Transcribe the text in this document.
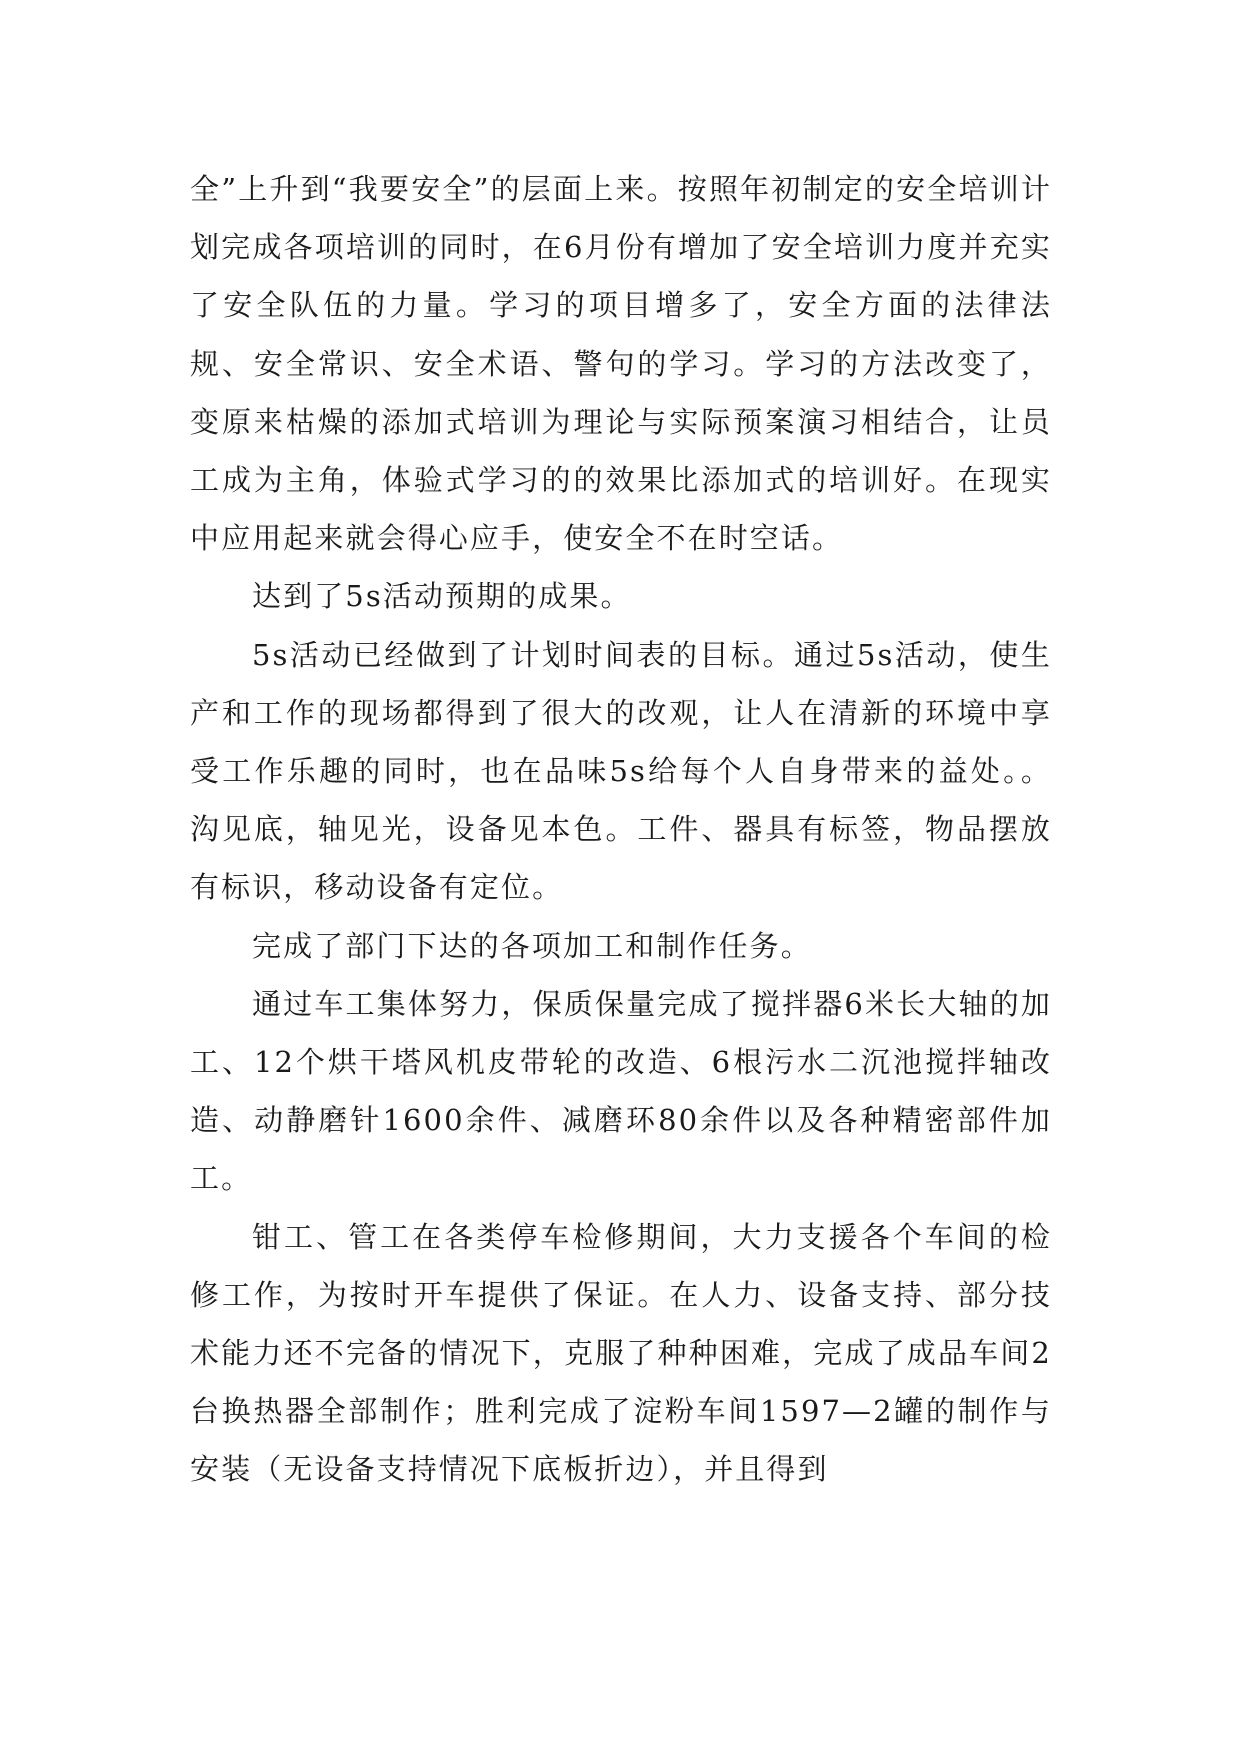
全”上升到“我要安全”的层面上来。按照年初制定的安全培训计划完成各项培训的同时，在6月份有增加了安全培训力度并充实了安全队伍的力量。学习的项目增多了，安全方面的法律法规、安全常识、安全术语、警句的学习。学习的方法改变了，变原来枯燥的添加式培训为理论与实际预案演习相结合，让员工成为主角，体验式学习的的效果比添加式的培训好。在现实中应用起来就会得心应手，使安全不在时空话。

达到了5s活动预期的成果。

5s活动已经做到了计划时间表的目标。通过5s活动，使生产和工作的现场都得到了很大的改观，让人在清新的环境中享受工作乐趣的同时，也在品味5s给每个人自身带来的益处。。沟见底，轴见光，设备见本色。工件、器具有标签，物品摆放有标识，移动设备有定位。

完成了部门下达的各项加工和制作任务。

通过车工集体努力，保质保量完成了搅拌器6米长大轴的加工、12个烘干塔风机皮带轮的改造、6根污水二沉池搅拌轴改造、动静磨针1600余件、减磨环80余件以及各种精密部件加工。

钳工、管工在各类停车检修期间，大力支援各个车间的检修工作，为按时开车提供了保证。在人力、设备支持、部分技术能力还不完备的情况下，克服了种种困难，完成了成品车间2台换热器全部制作；胜利完成了淀粉车间1597—2罐的制作与安装（无设备支持情况下底板折边），并且得到
